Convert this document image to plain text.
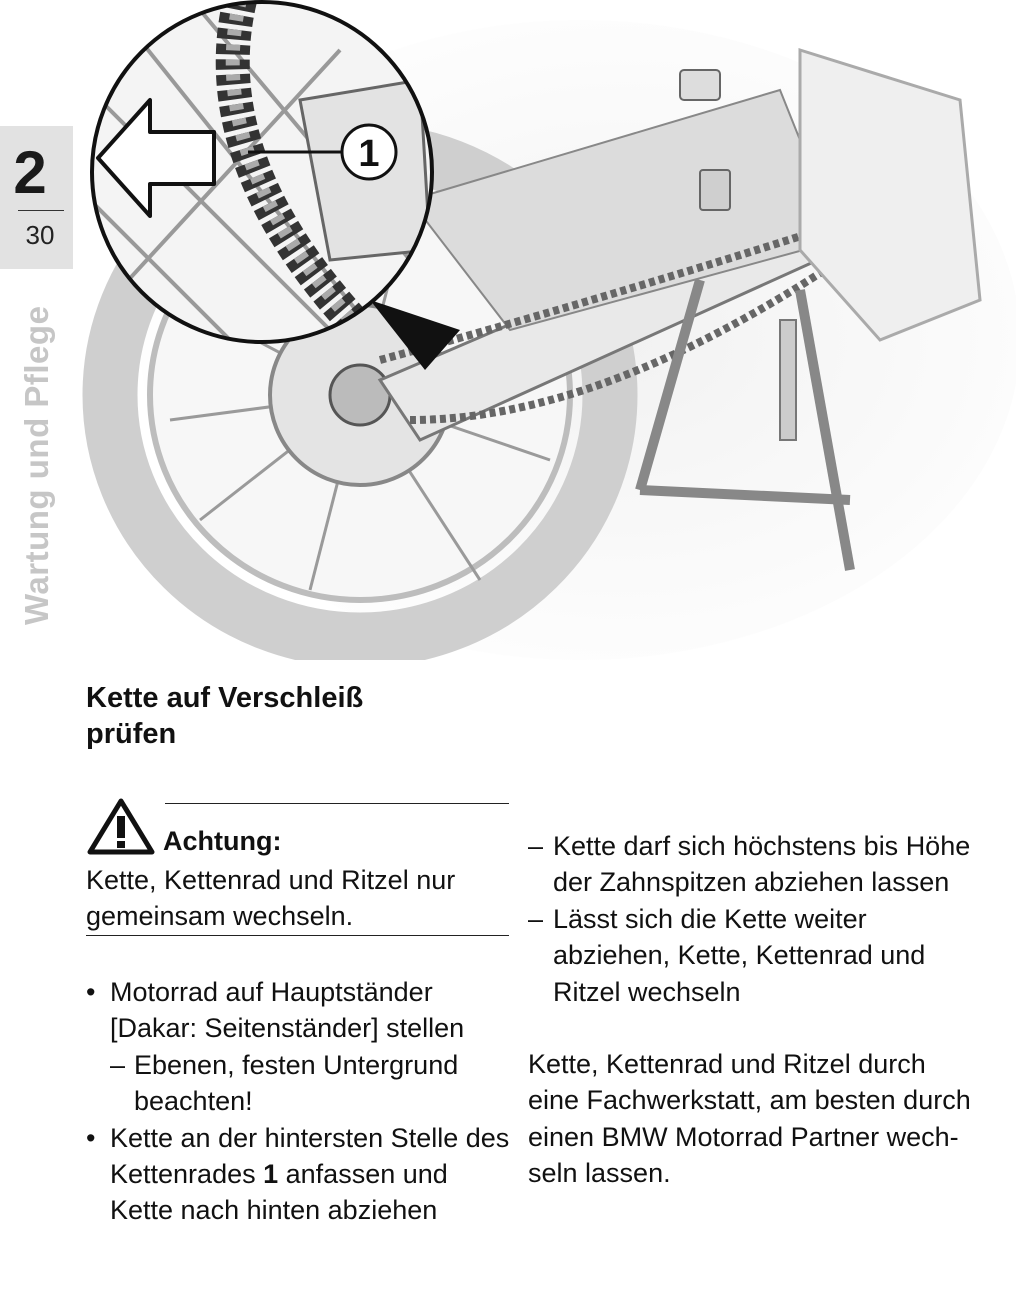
2
30
Wartung und Pflege
1
Kette auf Verschleiß
prüfen
Achtung:
Kette, Kettenrad und Ritzel nur gemeinsam wechseln.
• Motorrad auf Hauptständer [Dakar: Seitenständer] stellen
– Ebenen, festen Untergrund beachten!
• Kette an der hintersten Stelle des Kettenrades 1 anfassen und Kette nach hinten abziehen
– Kette darf sich höchstens bis Höhe der Zahnspitzen abziehen lassen
– Lässt sich die Kette weiter abziehen, Kette, Kettenrad und Ritzel wechseln
Kette, Kettenrad und Ritzel durch eine Fachwerkstatt, am besten durch einen BMW Motorrad Partner wechseln lassen.
